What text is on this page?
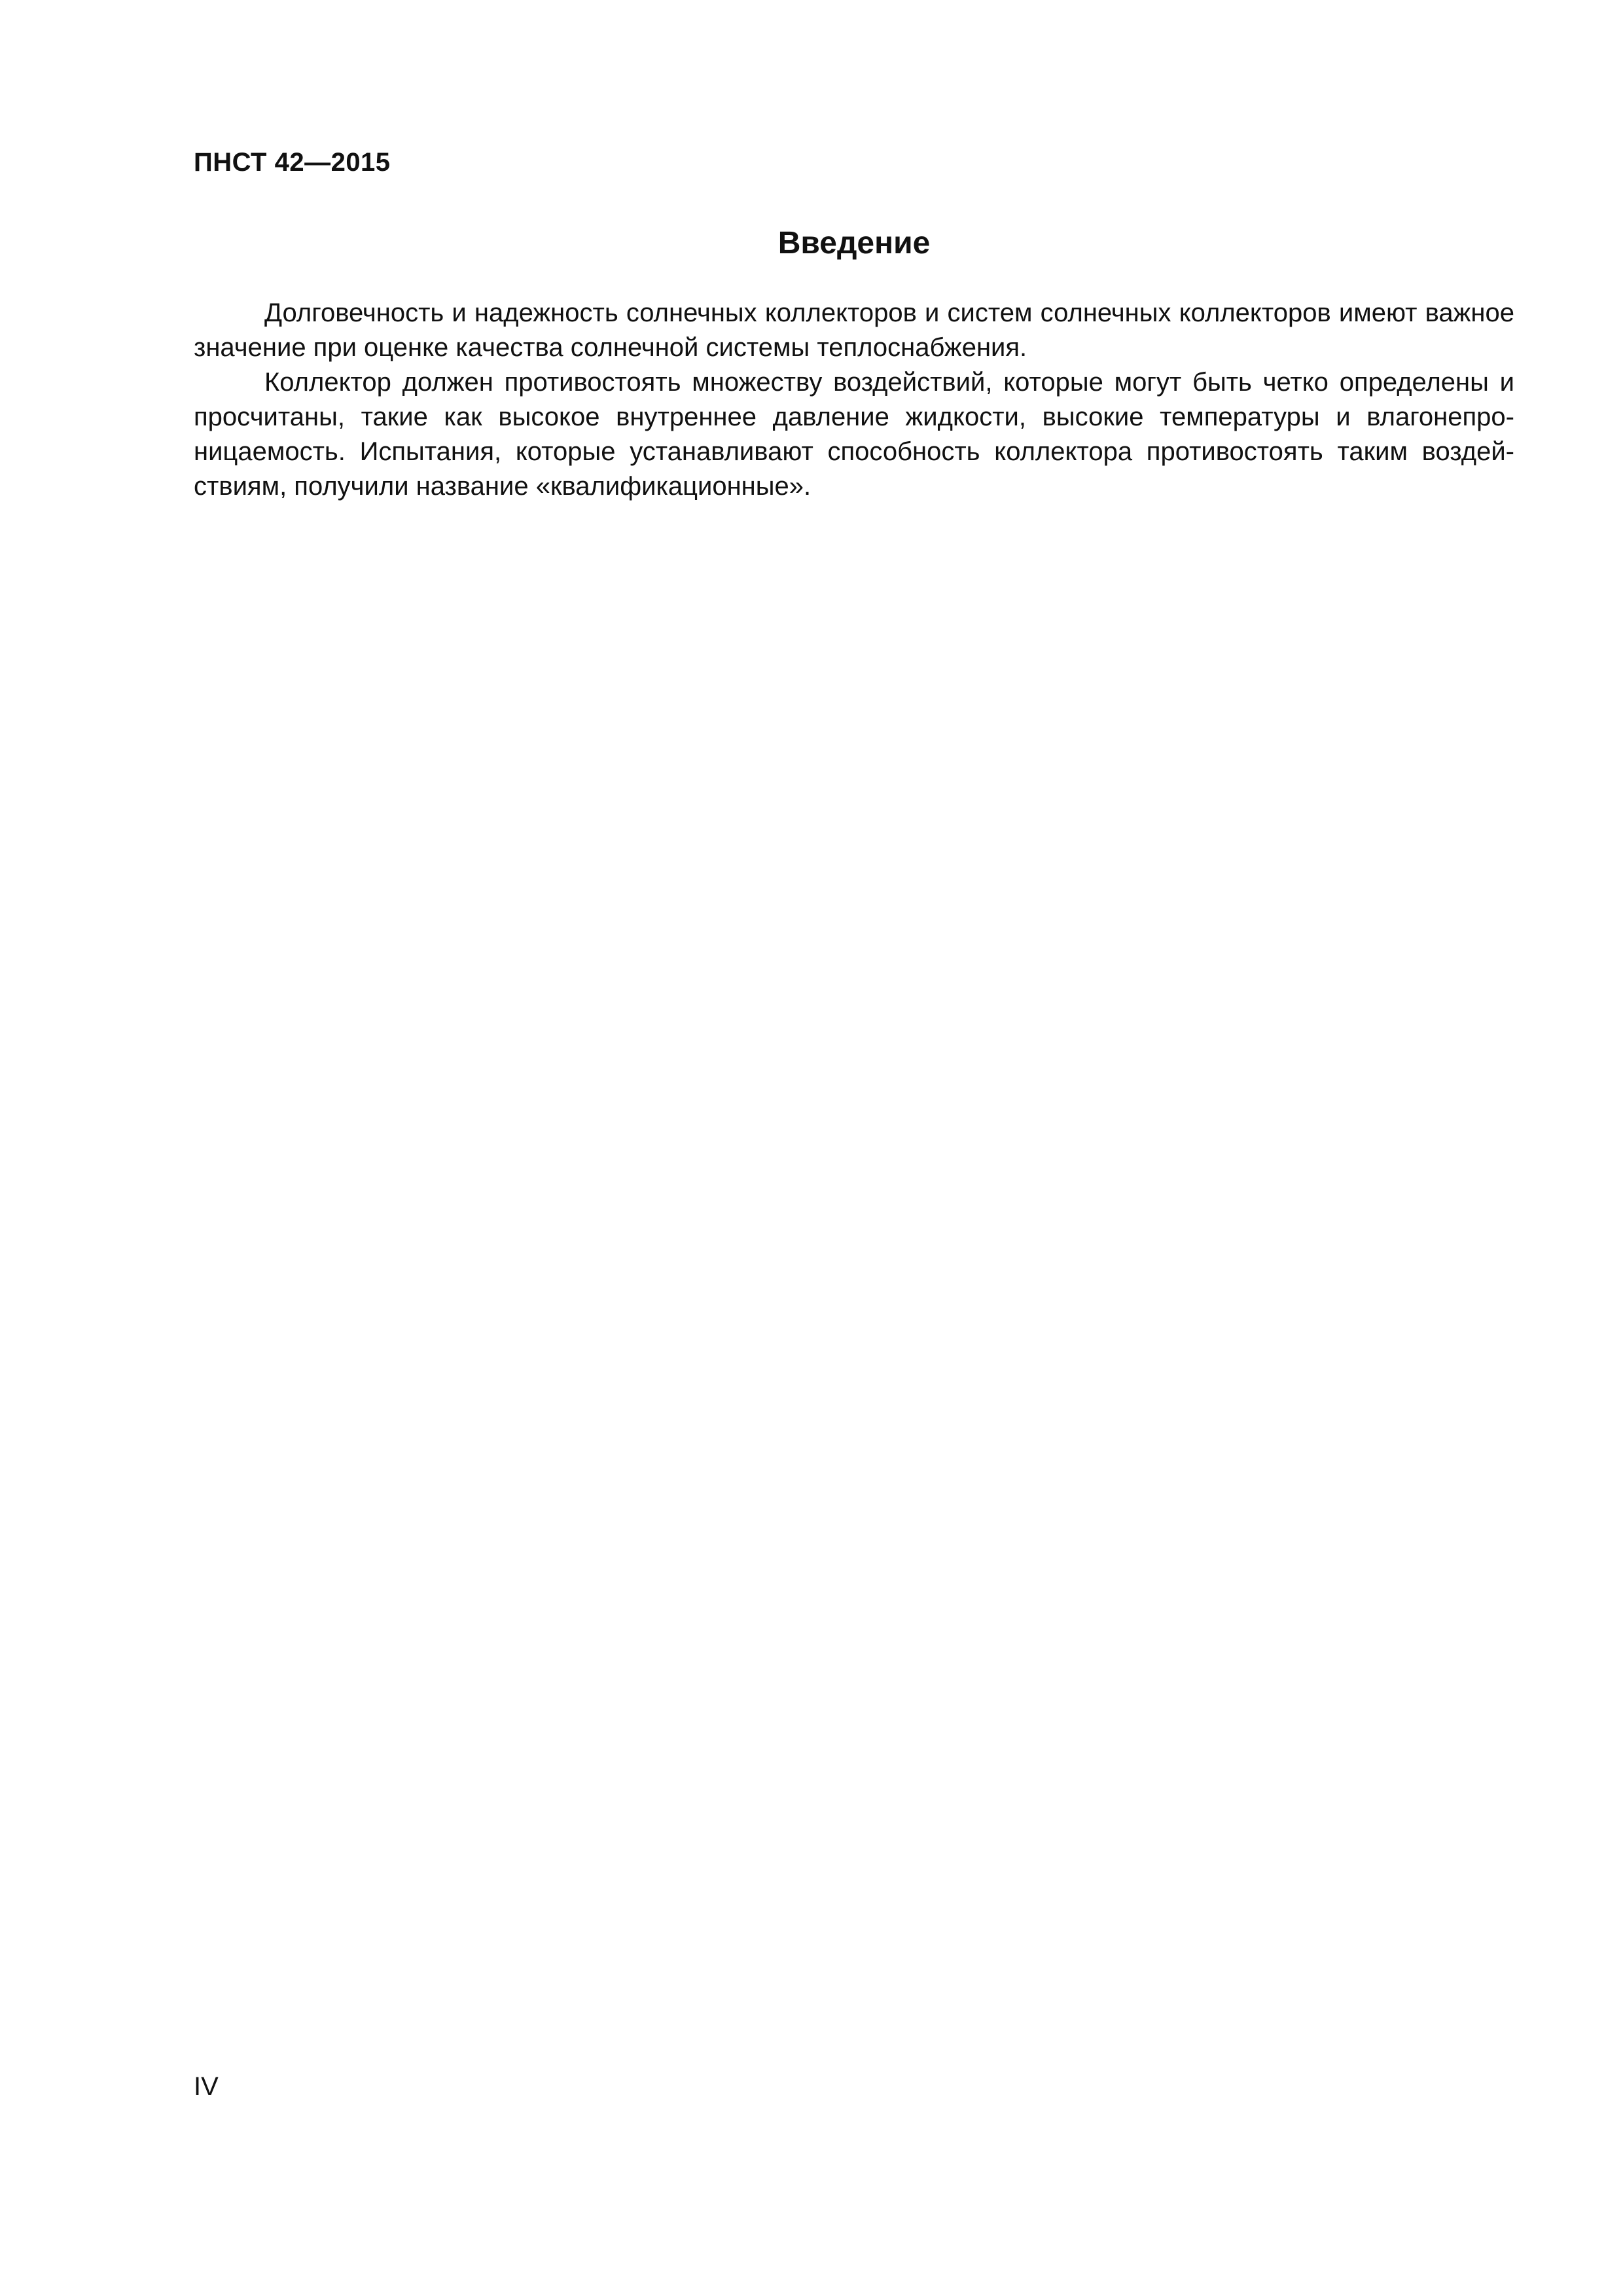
ПНСТ 42—2015
Введение

Долговечность и надежность солнечных коллекторов и систем солнечных коллекторов имеют важное значение при оценке качества солнечной системы теплоснабжения.

Коллектор должен противостоять множеству воздействий, которые могут быть четко определены и просчитаны, такие как высокое внутреннее давление жидкости, высокие температуры и влагонепроницаемость. Испытания, которые устанавливают способность коллектора противостоять таким воздействиям, получили название «квалификационные».

IV
